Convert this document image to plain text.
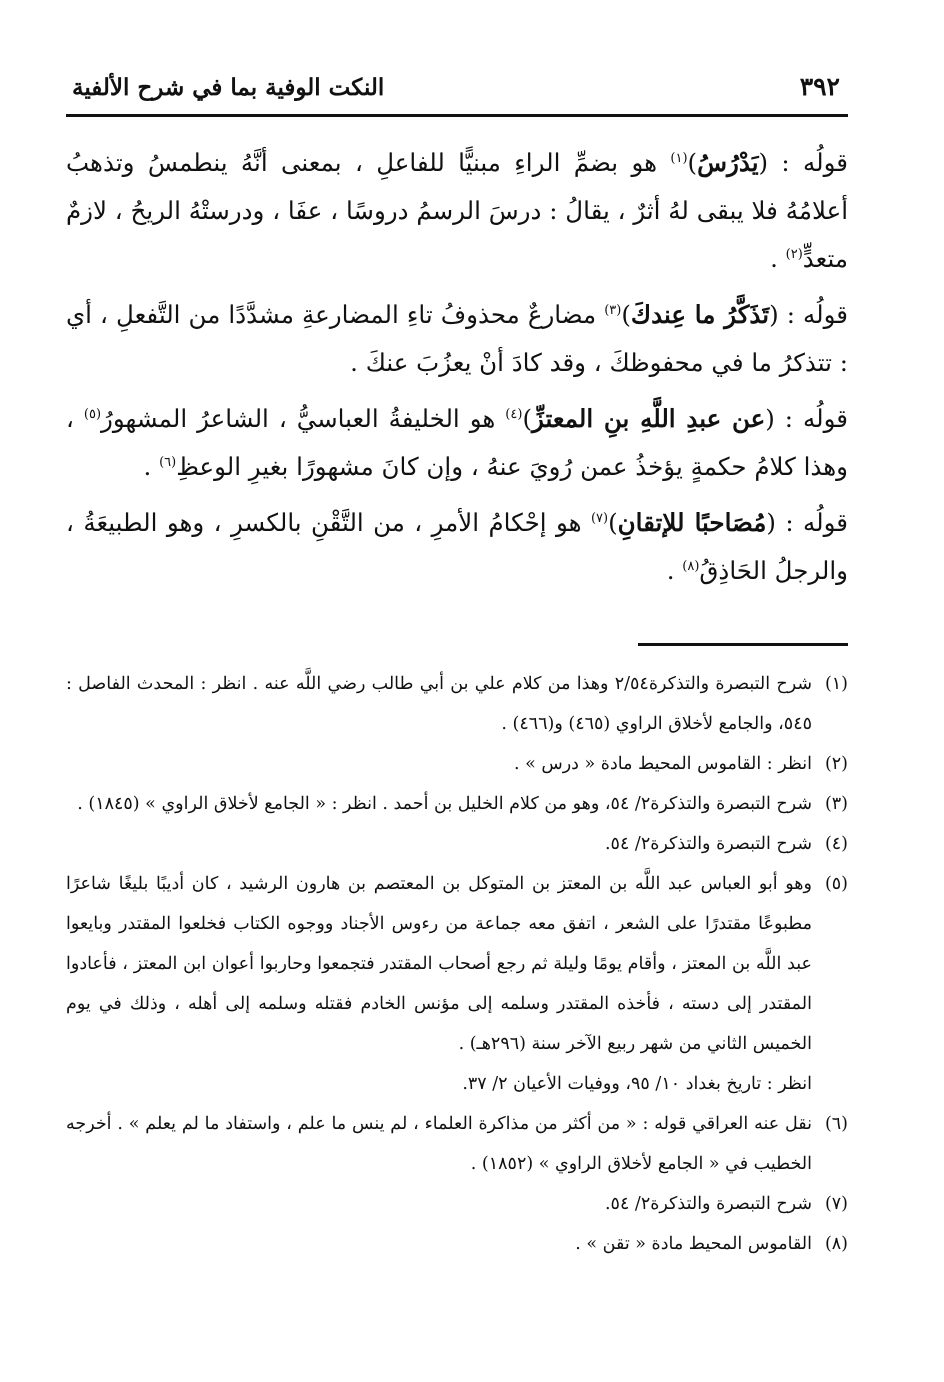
٣٩٢
النكت الوفية بما في شرح الألفية

قولُه : (يَدْرُسُ)$^{(١)}$ هو بضمِّ الراءِ مبنيًّا للفاعلِ ، بمعنى أنَّهُ ينطمسُ وتذهبُ أعلامُهُ فلا يبقى لهُ أثرٌ ، يقالُ : درسَ الرسمُ دروسًا ، عفَا ، ودرستْهُ الريحُ ، لازمٌ متعدٍّ$^{(٢)}$ .

قولُه : (تَذَكَّرُ ما عِندكَ)$^{(٣)}$ مضارعٌ محذوفُ تاءِ المضارعةِ مشدَّدًا من التَّفعلِ ، أي : تتذكرُ ما في محفوظكَ ، وقد كادَ أنْ يعزُبَ عنكَ .

قولُه : (عن عبدِ اللَّهِ بنِ المعتزِّ)$^{(٤)}$ هو الخليفةُ العباسيُّ ، الشاعرُ المشهورُ$^{(٥)}$ ، وهذا كلامُ حكمةٍ يؤخذُ عمن رُويَ عنهُ ، وإن كانَ مشهورًا بغيرِ الوعظِ$^{(٦)}$ .

قولُه : (مُصَاحبًا للإتقانِ)$^{(٧)}$ هو إحْكامُ الأمرِ ، من التَّقْنِ بالكسرِ ، وهو الطبيعَةُ ، والرجلُ الحَاذِقُ$^{(٨)}$ .

(١)
شرح التبصرة والتذكرة٢/٥٤ وهذا من كلام علي بن أبي طالب رضي اللَّه عنه . انظر : المحدث الفاصل : ٥٤٥، والجامع لأخلاق الراوي (٤٦٥) و(٤٦٦) .

(٢)
انظر : القاموس المحيط مادة « درس » .

(٣)
شرح التبصرة والتذكرة٢/ ٥٤، وهو من كلام الخليل بن أحمد . انظر : « الجامع لأخلاق الراوي » (١٨٤٥) .

(٤)
شرح التبصرة والتذكرة٢/ ٥٤.

(٥)
وهو أبو العباس عبد اللَّه بن المعتز بن المتوكل بن المعتصم بن هارون الرشيد ، كان أديبًا بليغًا شاعرًا مطبوعًا مقتدرًا على الشعر ، اتفق معه جماعة من رءوس الأجناد ووجوه الكتاب فخلعوا المقتدر وبايعوا عبد اللَّه بن المعتز ، وأقام يومًا وليلة ثم رجع أصحاب المقتدر فتجمعوا وحاربوا أعوان ابن المعتز ، فأعادوا المقتدر إلى دسته ، فأخذه المقتدر وسلمه إلى مؤنس الخادم فقتله وسلمه إلى أهله ، وذلك في يوم الخميس الثاني من شهر ربيع الآخر سنة (٢٩٦هـ) .

انظر : تاريخ بغداد ١٠/ ٩٥، ووفيات الأعيان ٢/ ٣٧.

(٦)
نقل عنه العراقي قوله : « من أكثر من مذاكرة العلماء ، لم ينس ما علم ، واستفاد ما لم يعلم » . أخرجه الخطيب في « الجامع لأخلاق الراوي » (١٨٥٢) .

(٧)
شرح التبصرة والتذكرة٢/ ٥٤.

(٨)
القاموس المحيط مادة « تقن » .
